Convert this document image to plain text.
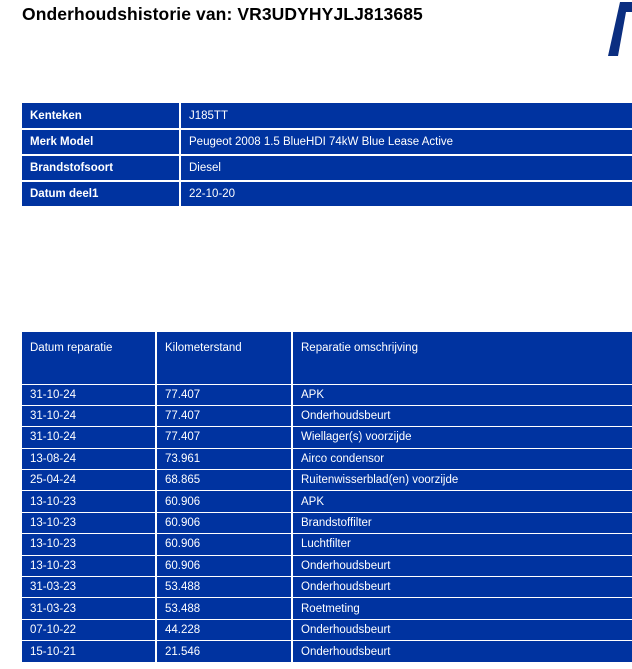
Onderhoudshistorie van: VR3UDYHYJLJ813685
Kenteken	J185TT
Merk Model	Peugeot 2008 1.5 BlueHDI 74kW Blue Lease Active
Brandstofsoort	Diesel
Datum deel1	22-10-20
Datum reparatie	Kilometerstand	Reparatie omschrijving
31-10-24	77.407	APK
31-10-24	77.407	Onderhoudsbeurt
31-10-24	77.407	Wiellager(s) voorzijde
13-08-24	73.961	Airco condensor
25-04-24	68.865	Ruitenwisserblad(en) voorzijde
13-10-23	60.906	APK
13-10-23	60.906	Brandstoffilter
13-10-23	60.906	Luchtfilter
13-10-23	60.906	Onderhoudsbeurt
31-03-23	53.488	Onderhoudsbeurt
31-03-23	53.488	Roetmeting
07-10-22	44.228	Onderhoudsbeurt
15-10-21	21.546	Onderhoudsbeurt
